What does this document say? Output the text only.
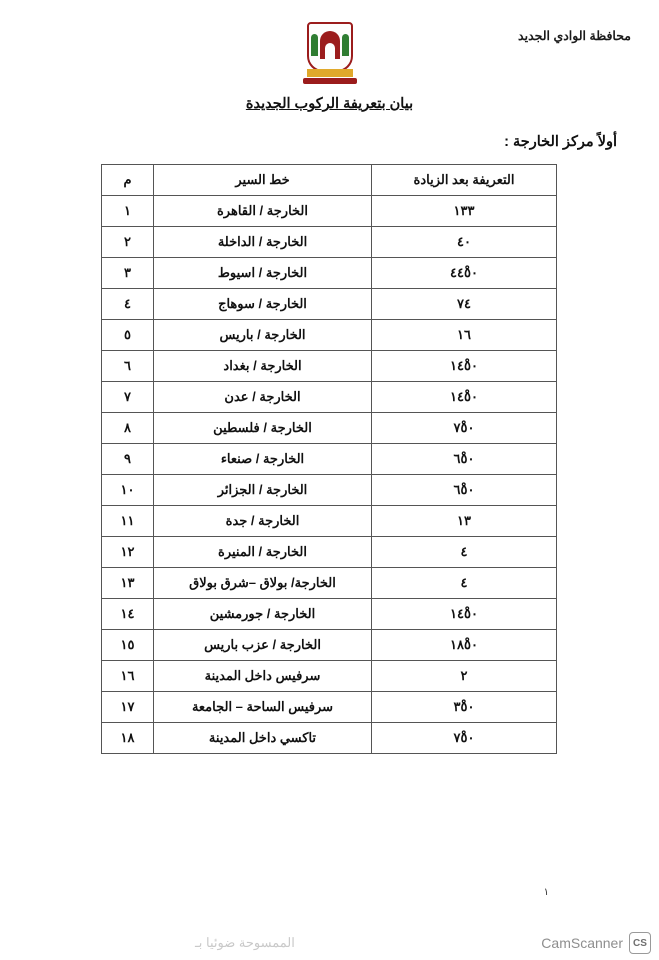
محافظة الوادي الجديد
بيان بتعريفة الركوب الجديدة
أولاً مركز الخارجة :
التعريفة بعد الزيادة	خط السير	م
١٣٣	الخارجة / القاهرة	١
٤٠	الخارجة / الداخلة	٢
٤٤ْ٥٠	الخارجة / اسيوط	٣
٧٤	الخارجة / سوهاج	٤
١٦	الخارجة / باريس	٥
١٤ْ٥٠	الخارجة / بغداد	٦
١٤ْ٥٠	الخارجة / عدن	٧
٧ْ٥٠	الخارجة / فلسطين	٨
٦ْ٥٠	الخارجة / صنعاء	٩
٦ْ٥٠	الخارجة / الجزائر	١٠
١٣	الخارجة / جدة	١١
٤	الخارجة / المنيرة	١٢
٤	الخارجة/ بولاق –شرق بولاق	١٣
١٤ْ٥٠	الخارجة / جورمشين	١٤
١٨ْ٥٠	الخارجة / عزب باريس	١٥
٢	سرفيس داخل المدينة	١٦
٣ْ٥٠	سرفيس الساحة – الجامعة	١٧
٧ْ٥٠	تاكسي داخل المدينة	١٨
١
CS
CamScanner
الممسوحة ضوئيا بـ
